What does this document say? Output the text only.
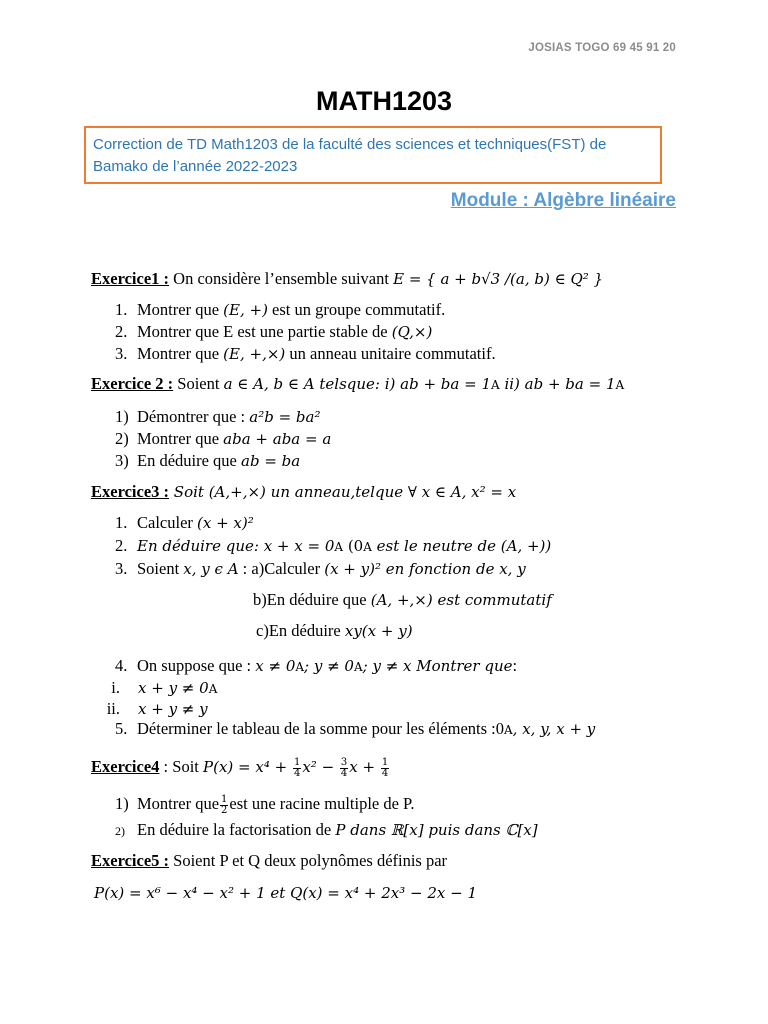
JOSIAS TOGO 69 45 91 20
MATH1203
Correction de TD Math1203 de la faculté des sciences et techniques(FST) de
Bamako de l’année 2022-2023
Module : Algèbre linéaire
Exercice1 : On considère l’ensemble suivant E = { a + b√3 /(a, b) ∈ Q² }
1. Montrer que (E, +) est un groupe commutatif.
2. Montrer que E est une partie stable de (Q,×)
3. Montrer que (E, +,×) un anneau unitaire commutatif.
Exercice 2 : Soient a ∈ A, b ∈ A telsque: i) ab + ba = 1A ii) ab + ba = 1A
1) Démontrer que : a²b = ba²
2) Montrer que aba + aba = a
3) En déduire que ab = ba
Exercice3 : Soit (A,+,×) un anneau,telque ∀ x ∈ A, x² = x
1. Calculer (x + x)²
2. En déduire que: x + x = 0A (0A est le neutre de (A, +))
3. Soient x, y ϵ A : a)Calculer (x + y)² en fonction de x, y
b)En déduire que (A, +,×) est commutatif
c)En déduire xy(x + y)
4. On suppose que : x ≠ 0A; y ≠ 0A; y ≠ x Montrer que:
i. x + y ≠ 0A
ii. x + y ≠ y
5. Déterminer le tableau de la somme pour les éléments :0A, x, y, x + y
Exercice4 : Soit $P(x) = x^4 + \frac{1}{4} x^2 - \frac{3}{4}$ $x + \frac{1}{4}$
1) Montrer que $\frac{1}{2}$ est une racine multiple de P.
2) En déduire la factorisation de P dans ℝ[x] puis dans ℂ[x]
Exercice5 : Soient P et Q deux polynômes définis par
P(x) = x⁶ − x⁴ − x² + 1 et Q(x) = x⁴ + 2x³ − 2x − 1
